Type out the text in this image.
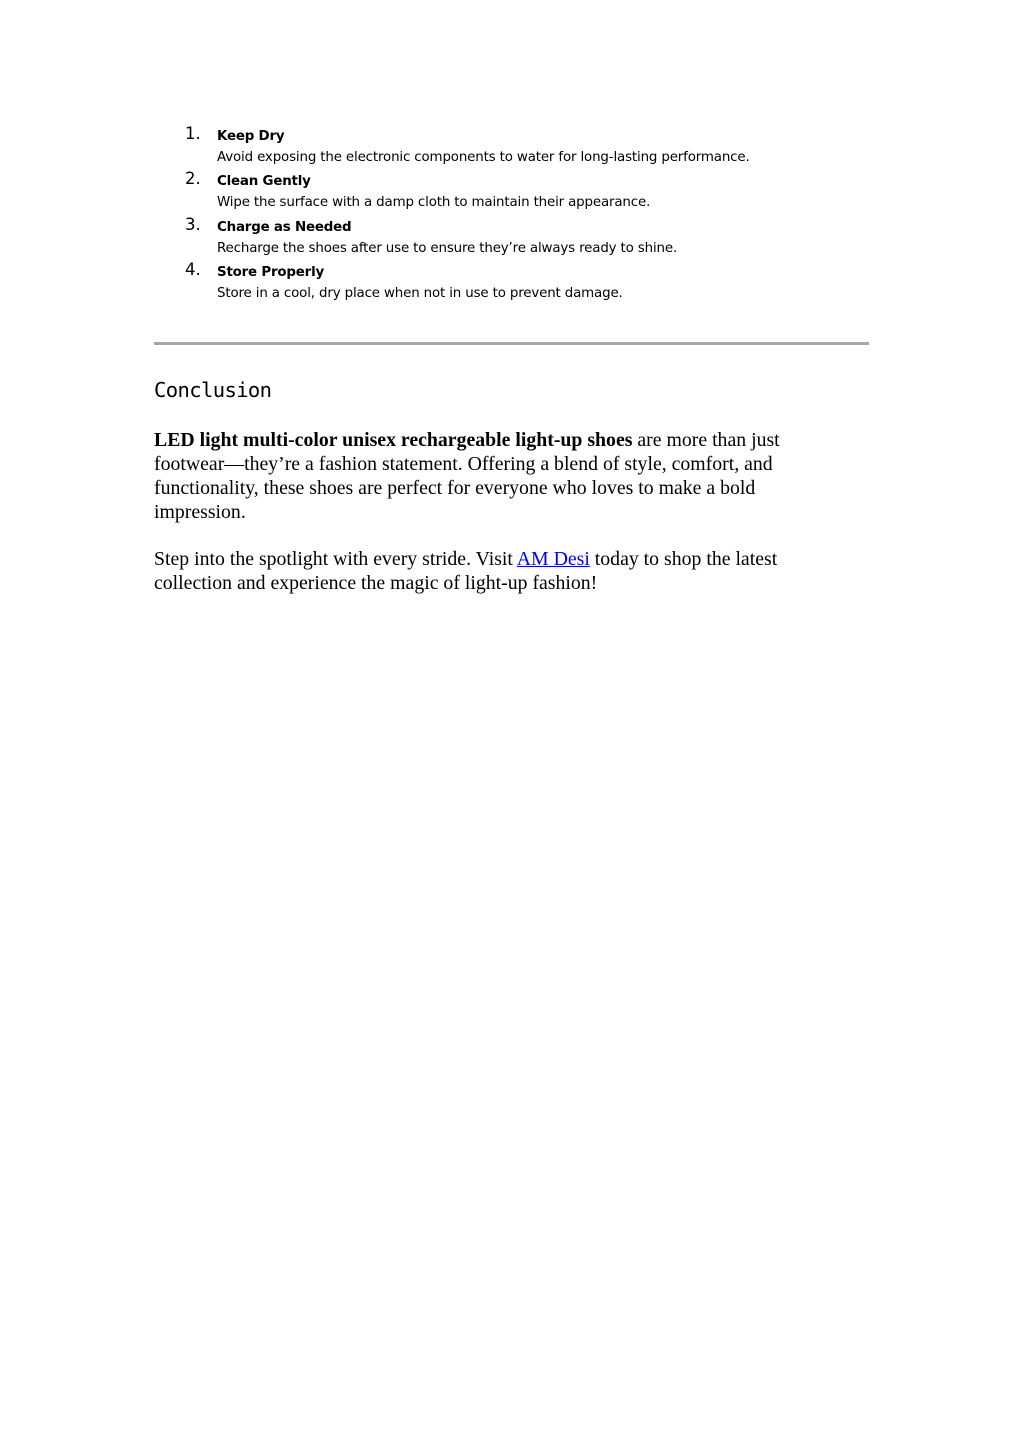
1. Keep Dry
Avoid exposing the electronic components to water for long-lasting performance.
2. Clean Gently
Wipe the surface with a damp cloth to maintain their appearance.
3. Charge as Needed
Recharge the shoes after use to ensure they’re always ready to shine.
4. Store Properly
Store in a cool, dry place when not in use to prevent damage.
Conclusion

LED light multi-color unisex rechargeable light-up shoes are more than just
footwear—they’re a fashion statement. Offering a blend of style, comfort, and
functionality, these shoes are perfect for everyone who loves to make a bold
impression.

Step into the spotlight with every stride. Visit AM Desi today to shop the latest
collection and experience the magic of light-up fashion!
